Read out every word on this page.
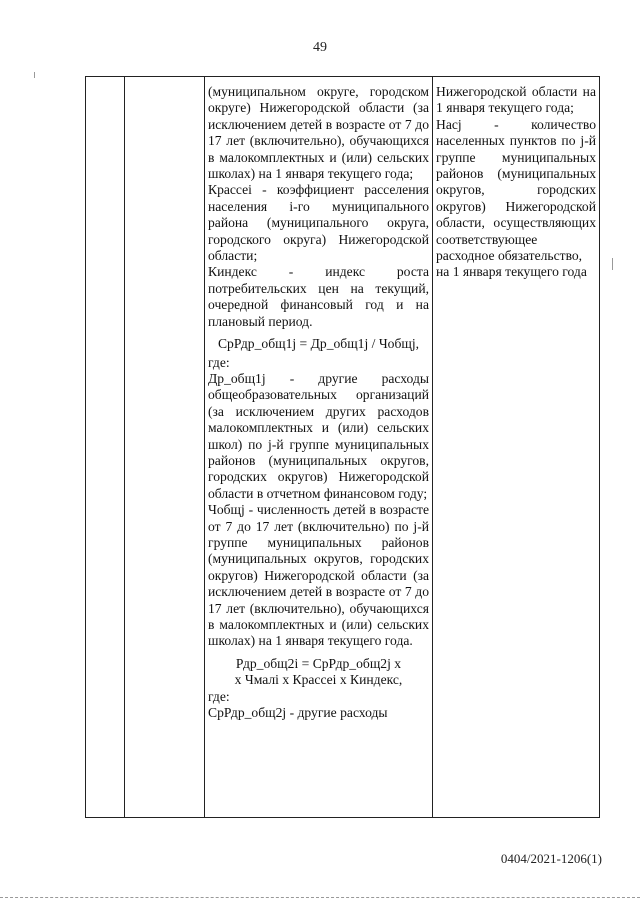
49

(муниципальном округе, городском округе) Нижегородской области (за исключением детей в возрасте от 7 до 17 лет (включительно), обучающихся в малокомплектных и (или) сельских школах) на 1 января текущего года;

Крассеі - коэффициент расселения населения i-го муниципального района (муниципального округа, городского округа) Нижегородской области;

Киндекс - индекс роста потребительских цен на текущий, очередной финансовый год и на плановый период.

СрРдр_общ1j = Др_общ1j / Чобщj,

где:

Др_общ1j - другие расходы общеобразовательных организаций (за исключением других расходов малокомплектных и (или) сельских школ) по j-й группе муниципальных районов (муниципальных округов, городских округов) Нижегородской области в отчетном финансовом году;

Чобщj - численность детей в возрасте от 7 до 17 лет (включительно) по j-й группе муниципальных районов (муниципальных округов, городских округов) Нижегородской области (за исключением детей в возрасте от 7 до 17 лет (включительно), обучающихся в малокомплектных и (или) сельских школах) на 1 января текущего года.

Рдр_общ2i = СрРдр_общ2j x

x Чмалі x Крассеі x Киндекс,

где:

СрРдр_общ2j - другие расходы

Нижегородской области на 1 января текущего года;

Насj - количество населенных пунктов по j-й группе муниципальных районов (муниципальных округов, городских округов) Нижегородской области, осуществляющих соответствующее

расходное обязательство, на 1 января текущего года

0404/2021-1206(1)
